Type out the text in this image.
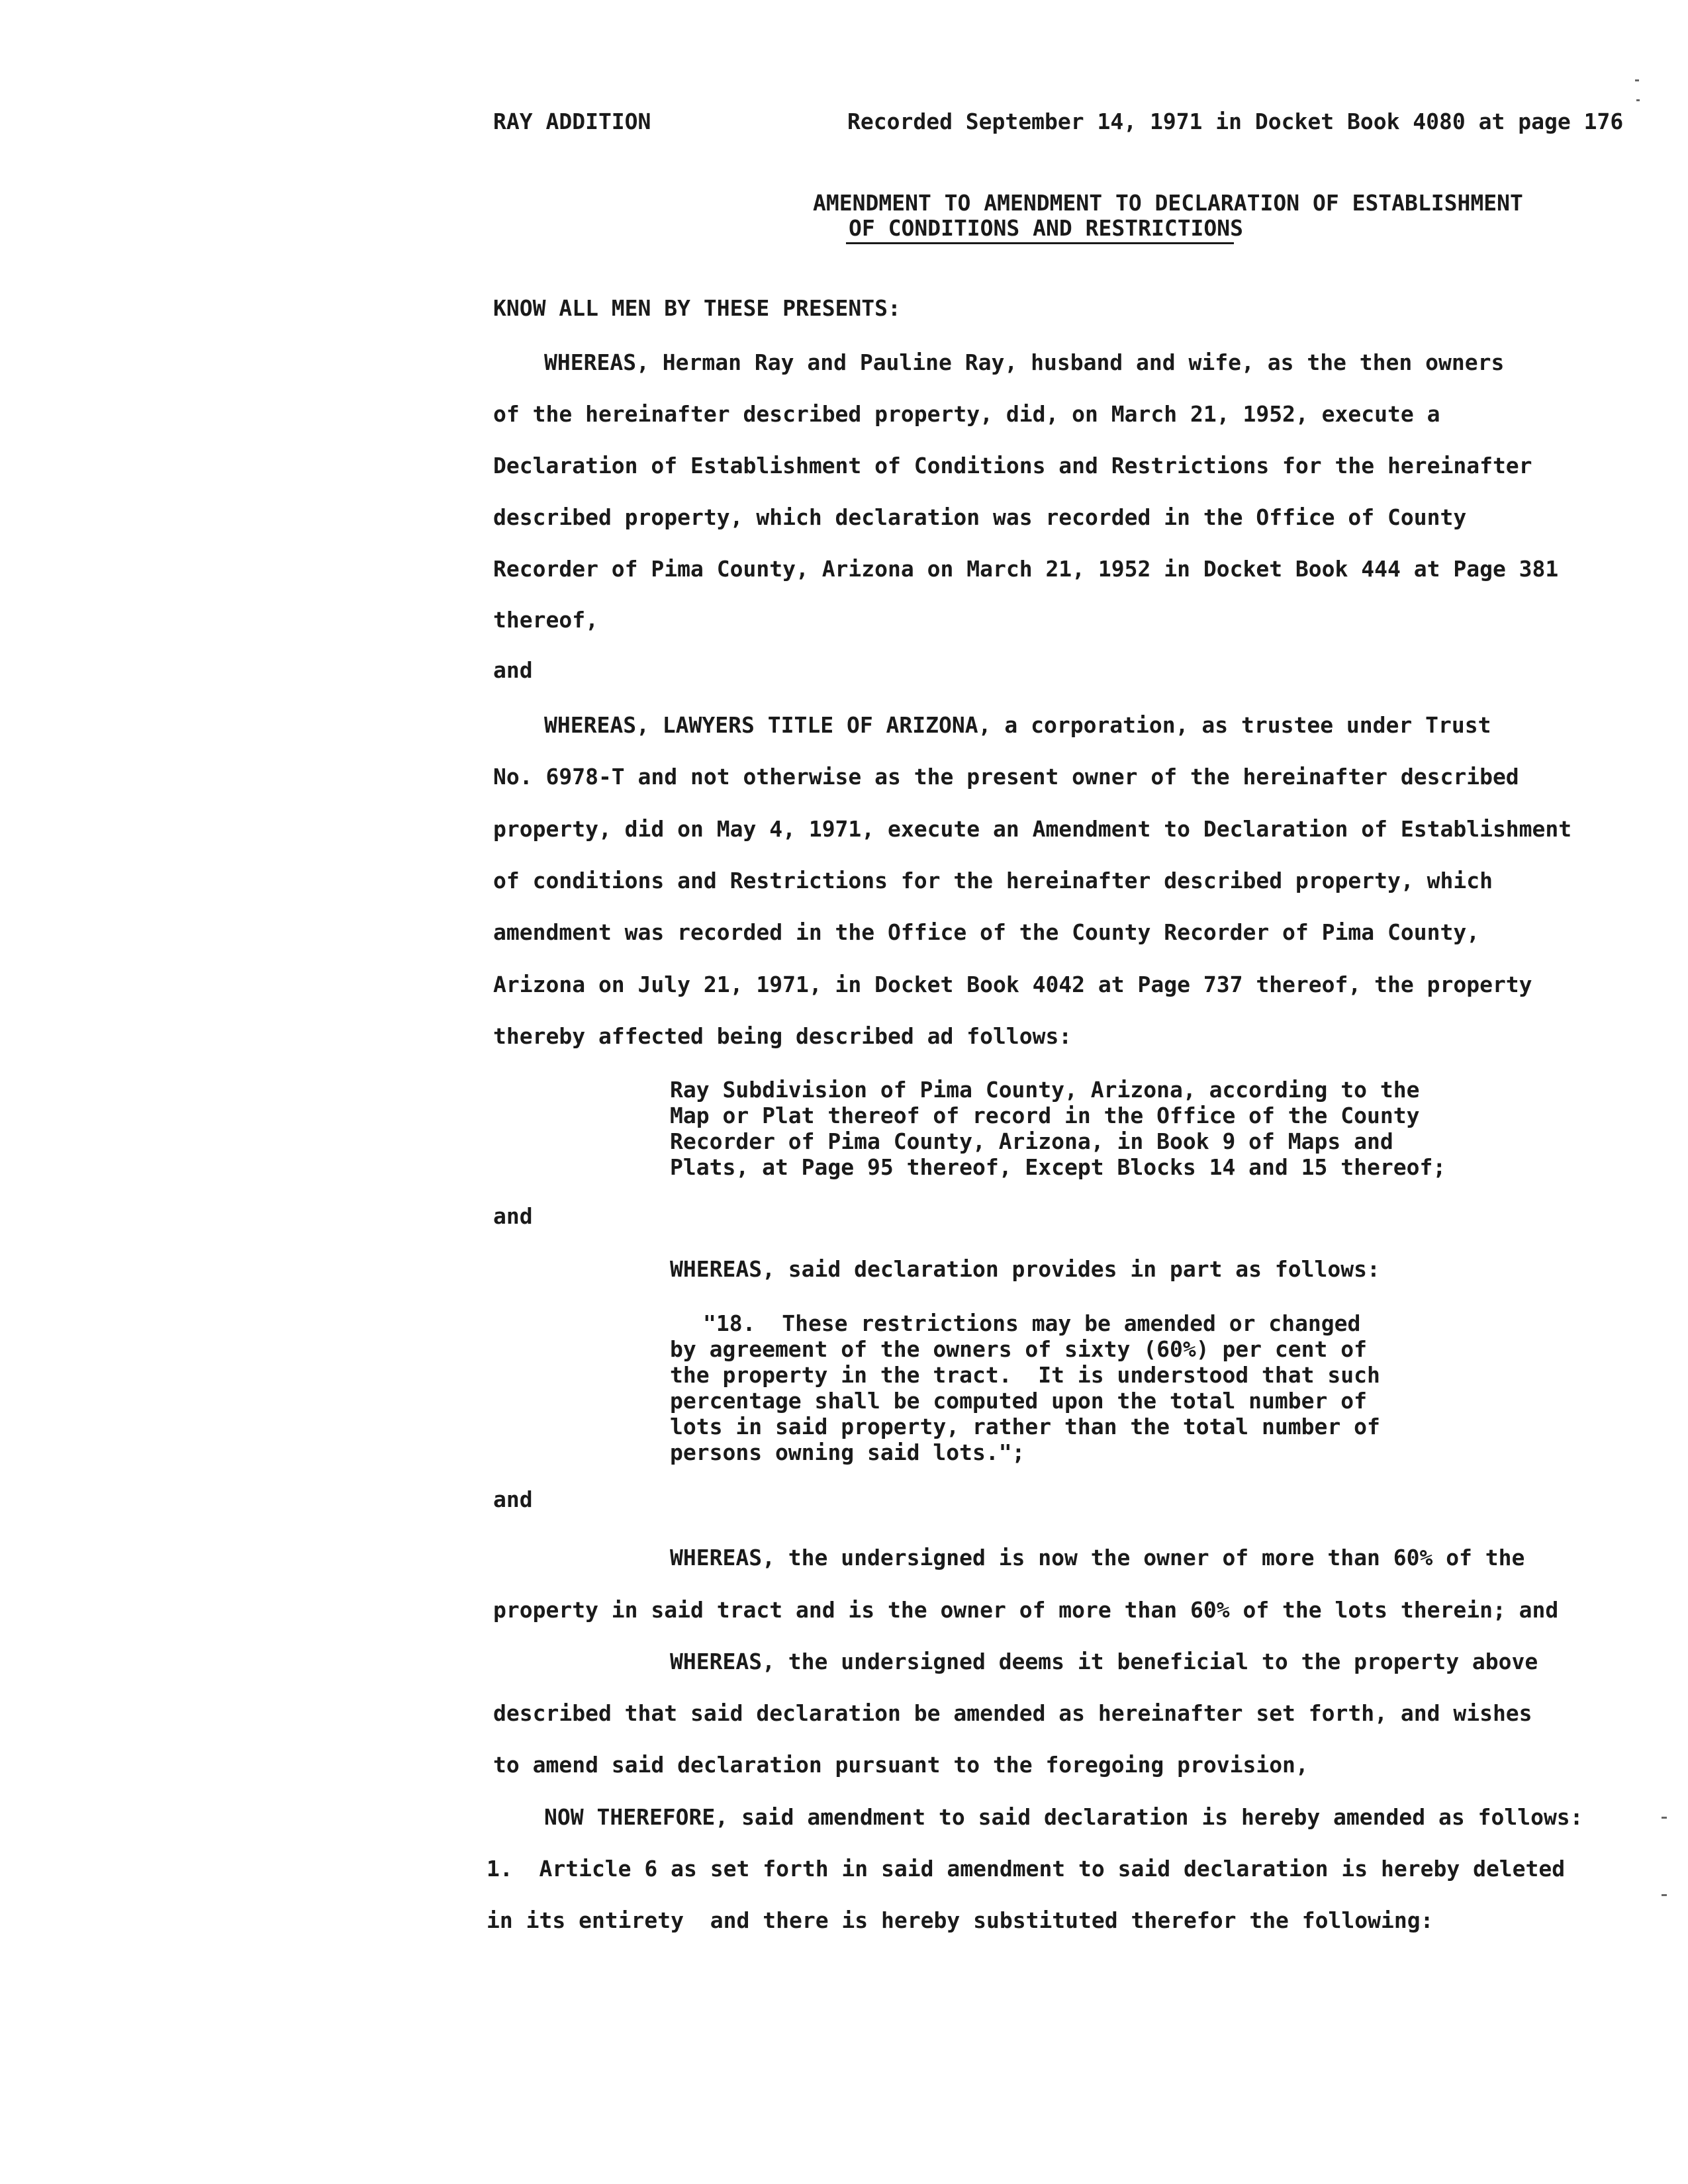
RAY ADDITION	Recorded September 14, 1971 in Docket Book 4080 at page 176
AMENDMENT TO AMENDMENT TO DECLARATION OF ESTABLISHMENT
OF CONDITIONS AND RESTRICTIONS
KNOW ALL MEN BY THESE PRESENTS:
WHEREAS, Herman Ray and Pauline Ray, husband and wife, as the then owners
of the hereinafter described property, did, on March 21, 1952, execute a
Declaration of Establishment of Conditions and Restrictions for the hereinafter
described property, which declaration was recorded in the Office of County
Recorder of Pima County, Arizona on March 21, 1952 in Docket Book 444 at Page 381
thereof,
and
WHEREAS, LAWYERS TITLE OF ARIZONA, a corporation, as trustee under Trust
No. 6978-T and not otherwise as the present owner of the hereinafter described
property, did on May 4, 1971, execute an Amendment to Declaration of Establishment
of conditions and Restrictions for the hereinafter described property, which
amendment was recorded in the Office of the County Recorder of Pima County,
Arizona on July 21, 1971, in Docket Book 4042 at Page 737 thereof, the property
thereby affected being described ad follows:
Ray Subdivision of Pima County, Arizona, according to the
Map or Plat thereof of record in the Office of the County
Recorder of Pima County, Arizona, in Book 9 of Maps and
Plats, at Page 95 thereof, Except Blocks 14 and 15 thereof;
and
WHEREAS, said declaration provides in part as follows:
"18.  These restrictions may be amended or changed
by agreement of the owners of sixty (60%) per cent of
the property in the tract.  It is understood that such
percentage shall be computed upon the total number of
lots in said property, rather than the total number of
persons owning said lots.";
and
WHEREAS, the undersigned is now the owner of more than 60% of the
property in said tract and is the owner of more than 60% of the lots therein; and
WHEREAS, the undersigned deems it beneficial to the property above
described that said declaration be amended as hereinafter set forth, and wishes
to amend said declaration pursuant to the foregoing provision,
NOW THEREFORE, said amendment to said declaration is hereby amended as follows:
1.  Article 6 as set forth in said amendment to said declaration is hereby deleted
in its entirety  and there is hereby substituted therefor the following:
